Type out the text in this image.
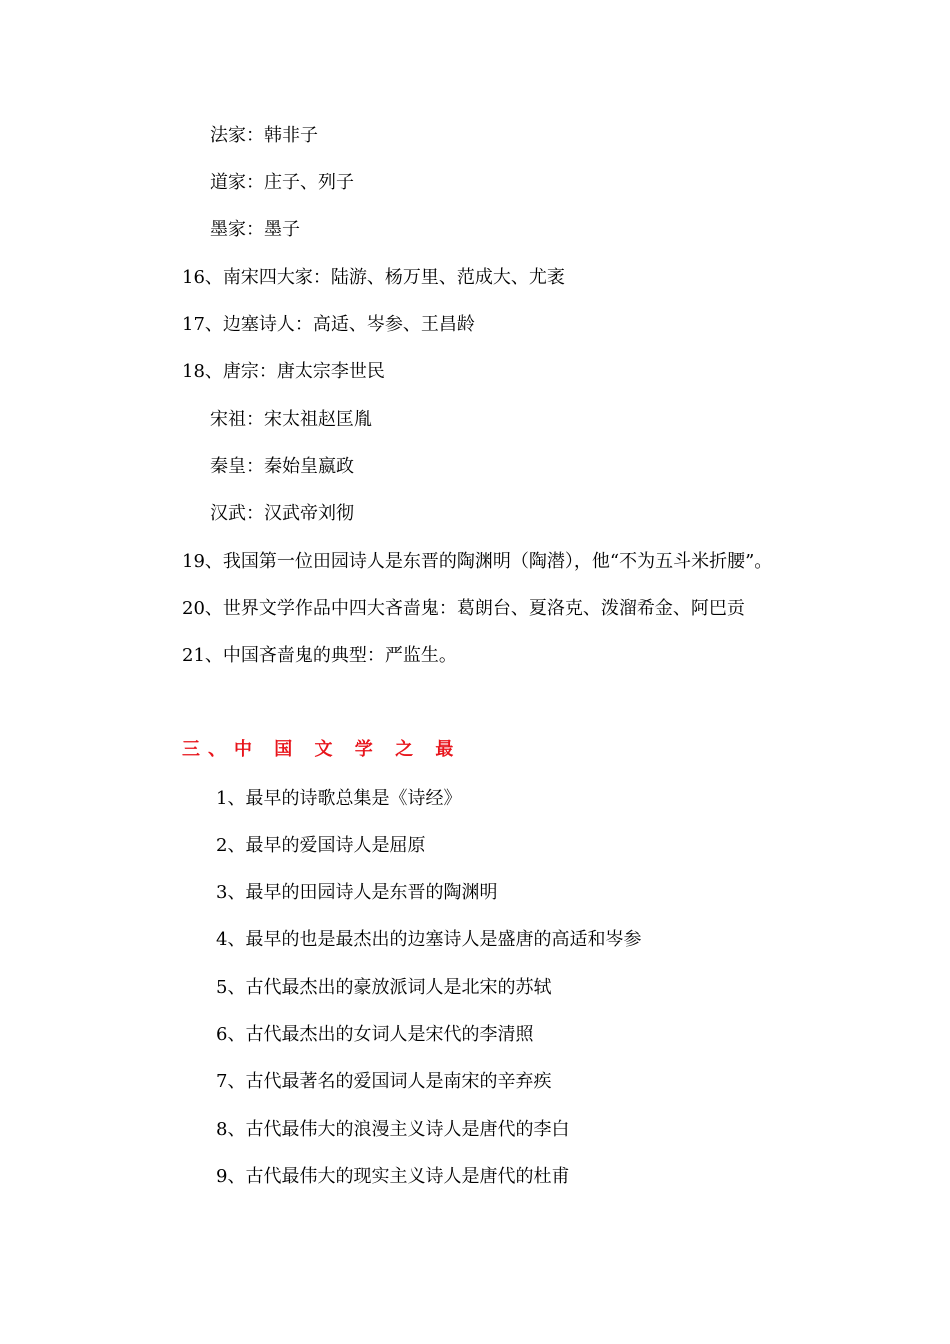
法家：韩非子
道家：庄子、列子
墨家：墨子
16、南宋四大家：陆游、杨万里、范成大、尤袤
17、边塞诗人：高适、岑参、王昌龄
18、唐宗：唐太宗李世民
宋祖：宋太祖赵匡胤
秦皇：秦始皇嬴政
汉武：汉武帝刘彻
19、我国第一位田园诗人是东晋的陶渊明（陶潜），他“不为五斗米折腰”。
20、世界文学作品中四大吝啬鬼：葛朗台、夏洛克、泼溜希金、阿巴贡
21、中国吝啬鬼的典型：严监生。
三、中 国 文 学 之 最
1、最早的诗歌总集是《诗经》
2、最早的爱国诗人是屈原
3、最早的田园诗人是东晋的陶渊明
4、最早的也是最杰出的边塞诗人是盛唐的高适和岑参
5、古代最杰出的豪放派词人是北宋的苏轼
6、古代最杰出的女词人是宋代的李清照
7、古代最著名的爱国词人是南宋的辛弃疾
8、古代最伟大的浪漫主义诗人是唐代的李白
9、古代最伟大的现实主义诗人是唐代的杜甫
